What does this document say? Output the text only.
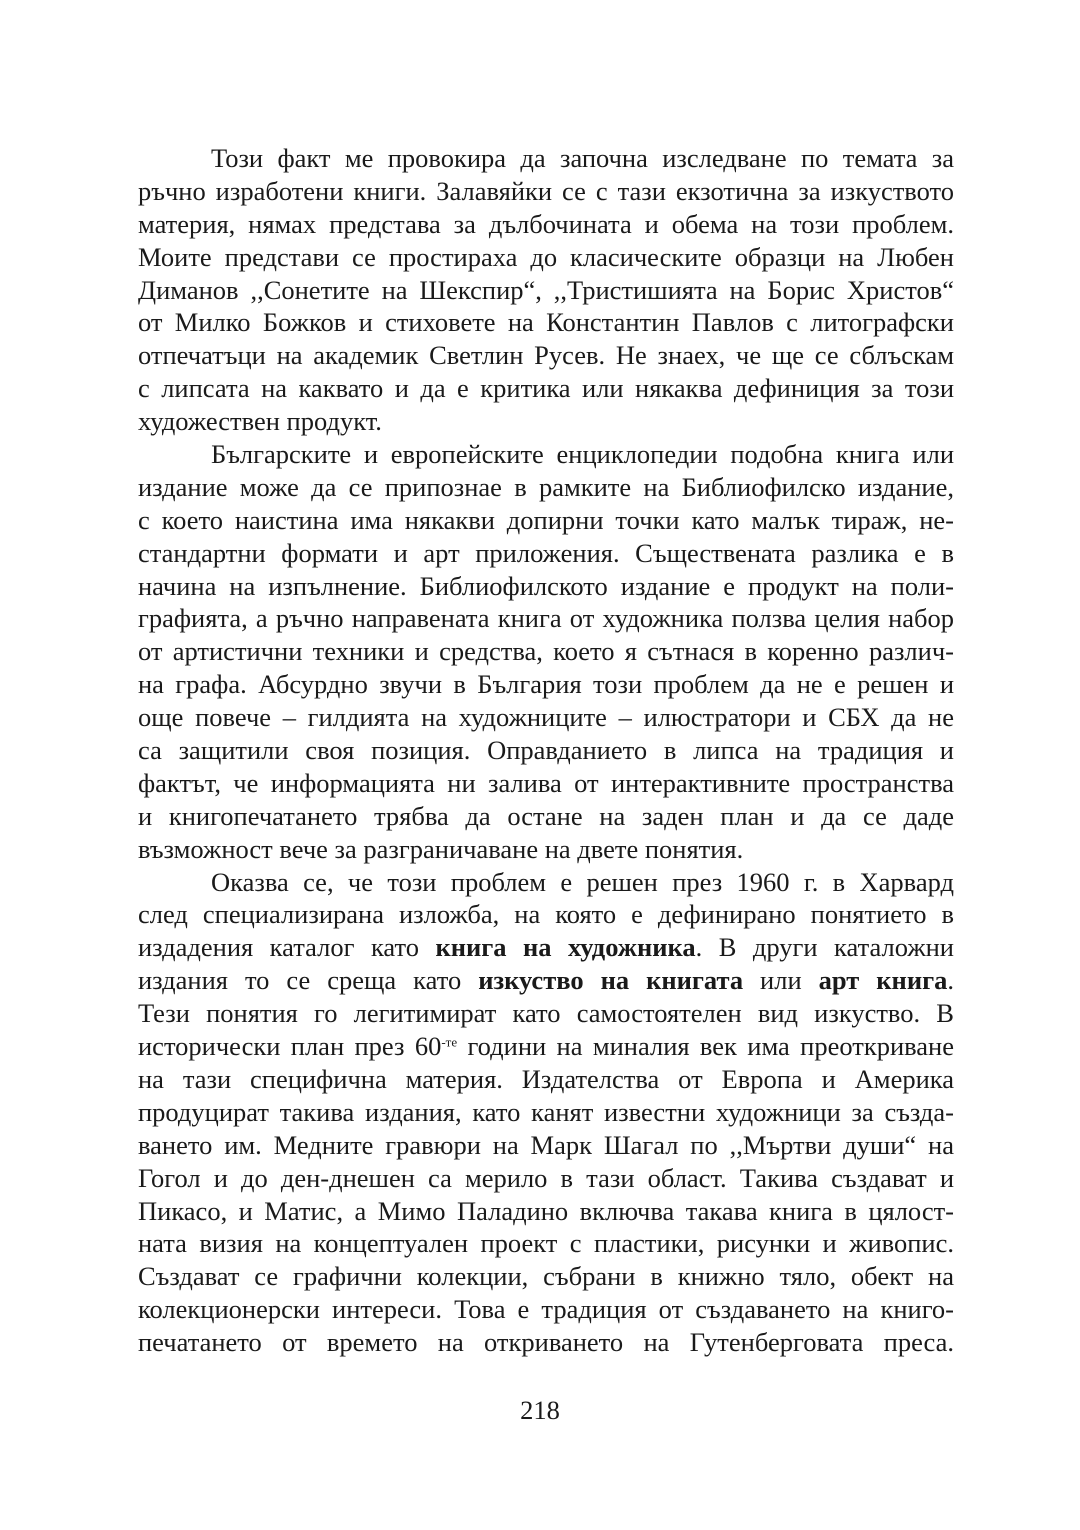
Този факт ме провокира да започна изследване по темата за
ръчно изработени книги. Залавяйки се с тази екзотична за изкуството
материя, нямах представа за дълбочината и обема на този проблем.
Моите представи се простираха до класическите образци на Любен
Диманов ,,Сонетите на Шекспир“, ,,Тристишията на Борис Христов“
от Милко Божков и стиховете на Константин Павлов с литографски
отпечатъци на академик Светлин Русев. Не знаех, че ще се сблъскам
с липсата на каквато и да е критика или някаква дефиниция за този
художествен продукт.

Българските и европейските енциклопедии подобна книга или
издание може да се припознае в рамките на Библиофилско издание,
с което наистина има някакви допирни точки като малък тираж, не-
стандартни формати и арт приложения. Съществената разлика е в
начина на изпълнение. Библиофилското издание е продукт на поли-
графията, а ръчно направената книга от художника ползва целия набор
от артистични техники и средства, което я сътнася в коренно различ-
на графа. Абсурдно звучи в България този проблем да не е решен и
още повече – гилдията на художниците – илюстратори и СБХ да не
са защитили своя позиция. Оправданието в липса на традиция и
фактът, че информацията ни залива от интерактивните пространства
и книгопечатането трябва да остане на заден план и да се даде
възможност вече за разграничаване на двете понятия.

Оказва се, че този проблем е решен през 1960 г. в Харвард
след специализирана изложба, на която е дефинирано понятието в
издадения каталог като книга на художника. В други каталожни
издания то се среща като изкуство на книгата или арт книга.
Тези понятия го легитимират като самостоятелен вид изкуство. В
исторически план през $60^{-те}$ години на миналия век има преоткриване
на тази специфична материя. Издателства от Европа и Америка
продуцират такива издания, като канят известни художници за създа-
ването им. Медните гравюри на Марк Шагал по ,,Мъртви души“ на
Гогол и до ден-днешен са мерило в тази област. Такива създават и
Пикасо, и Матис, а Мимо Паладино включва такава книга в цялост-
ната визия на концептуален проект с пластики, рисунки и живопис.
Създават се графични колекции, събрани в книжно тяло, обект на
колекционерски интереси. Това е традиция от създаването на книго-
печатането от времето на откриването на Гутенберговата преса.

218
